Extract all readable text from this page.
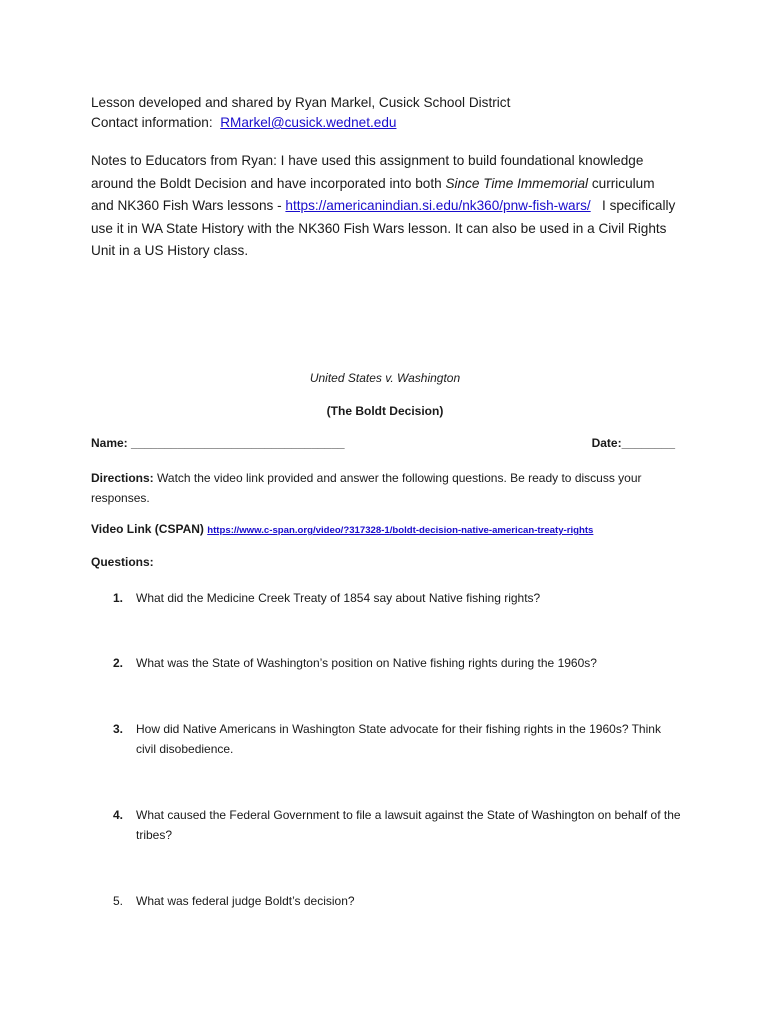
Lesson developed and shared by Ryan Markel, Cusick School District
Contact information: RMarkel@cusick.wednet.edu
Notes to Educators from Ryan: I have used this assignment to build foundational knowledge around the Boldt Decision and have incorporated into both Since Time Immemorial curriculum and NK360 Fish Wars lessons - https://americanindian.si.edu/nk360/pnw-fish-wars/   I specifically use it in WA State History with the NK360 Fish Wars lesson. It can also be used in a Civil Rights Unit in a US History class.
United States v. Washington
(The Boldt Decision)
Name: ________________________________	Date:________
Directions: Watch the video link provided and answer the following questions. Be ready to discuss your responses.
Video Link (CSPAN) https://www.c-span.org/video/?317328-1/boldt-decision-native-american-treaty-rights
Questions:
1. What did the Medicine Creek Treaty of 1854 say about Native fishing rights?
2. What was the State of Washington’s position on Native fishing rights during the 1960s?
3. How did Native Americans in Washington State advocate for their fishing rights in the 1960s? Think civil disobedience.
4. What caused the Federal Government to file a lawsuit against the State of Washington on behalf of the tribes?
5. What was federal judge Boldt’s decision?
